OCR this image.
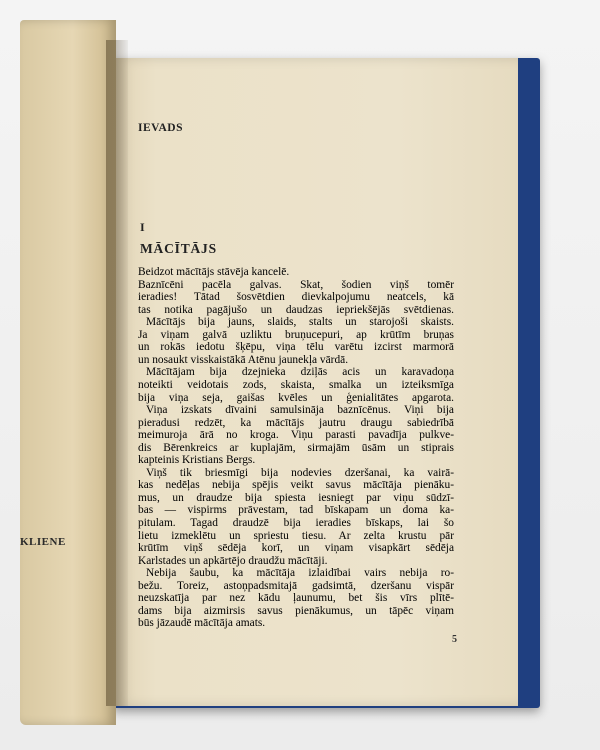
KLIENE
IEVADS
I
MĀCĪTĀJS
Beidzot mācītājs stāvēja kancelē.
Baznīcēni pacēla galvas. Skat, šodien viņš tomēr
ieradies! Tātad šosvētdien dievkalpojumu neatcels, kā
tas notika pagājušo un daudzas iepriekšējās svētdienas.
Mācītājs bija jauns, slaids, stalts un starojoši skaists.
Ja viņam galvā uzliktu bruņucepuri, ap krūtīm bruņas
un rokās iedotu šķēpu, viņa tēlu varētu izcirst marmorā
un nosaukt visskaistākā Atēnu jaunekļa vārdā.
Mācītājam bija dzejnieka dziļās acis un karavadoņa
noteikti veidotais zods, skaista, smalka un izteiksmīga
bija viņa seja, gaišas kvēles un ģenialitātes apgarota.
Viņa izskats dīvaini samulsināja baznīcēnus. Viņi bija
pieradusi redzēt, ka mācītājs jautru draugu sabiedrībā
meimuroja ārā no kroga. Viņu parasti pavadīja pulkve-
dis Bērenkreics ar kuplajām, sirmajām ūsām un stiprais
kapteinis Kristians Bergs.
Viņš tik briesmīgi bija nodevies dzeršanai, ka vairā-
kas nedēļas nebija spējis veikt savus mācītāja pienāku-
mus, un draudze bija spiesta iesniegt par viņu sūdzī-
bas — vispirms prāvestam, tad bīskapam un doma ka-
pitulam. Tagad draudzē bija ieradies bīskaps, lai šo
lietu izmeklētu un spriestu tiesu. Ar zelta krustu pār
krūtīm viņš sēdēja korī, un viņam visapkārt sēdēja
Karlstades un apkārtējo draudžu mācītāji.
Nebija šaubu, ka mācītāja izlaidībai vairs nebija ro-
bežu. Toreiz, astoņpadsmitajā gadsimtā, dzeršanu vispār
neuzskatīja par nez kādu ļaunumu, bet šis vīrs plītē-
dams bija aizmirsis savus pienākumus, un tāpēc viņam
būs jāzaudē mācītāja amats.
5
